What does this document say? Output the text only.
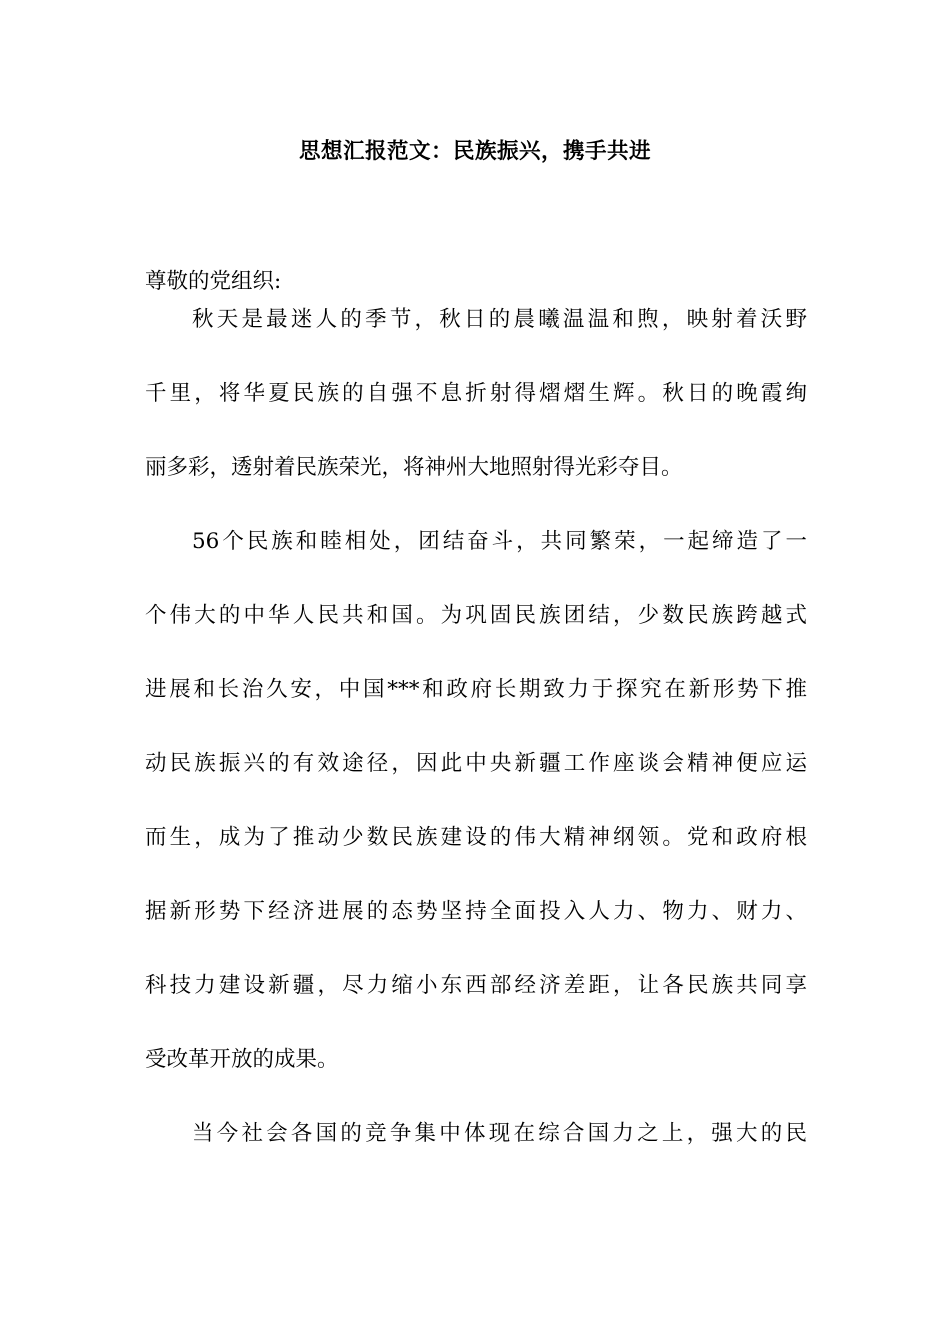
思想汇报范文：民族振兴，携手共进

尊敬的党组织:

秋天是最迷人的季节，秋日的晨曦温温和煦，映射着沃野
千里，将华夏民族的自强不息折射得熠熠生辉。秋日的晚霞绚
丽多彩，透射着民族荣光，将神州大地照射得光彩夺目。
56个民族和睦相处，团结奋斗，共同繁荣，一起缔造了一
个伟大的中华人民共和国。为巩固民族团结，少数民族跨越式
进展和长治久安，中国***和政府长期致力于探究在新形势下推
动民族振兴的有效途径，因此中央新疆工作座谈会精神便应运
而生，成为了推动少数民族建设的伟大精神纲领。党和政府根
据新形势下经济进展的态势坚持全面投入人力、物力、财力、
科技力建设新疆，尽力缩小东西部经济差距，让各民族共同享
受改革开放的成果。
当今社会各国的竞争集中体现在综合国力之上，强大的民
